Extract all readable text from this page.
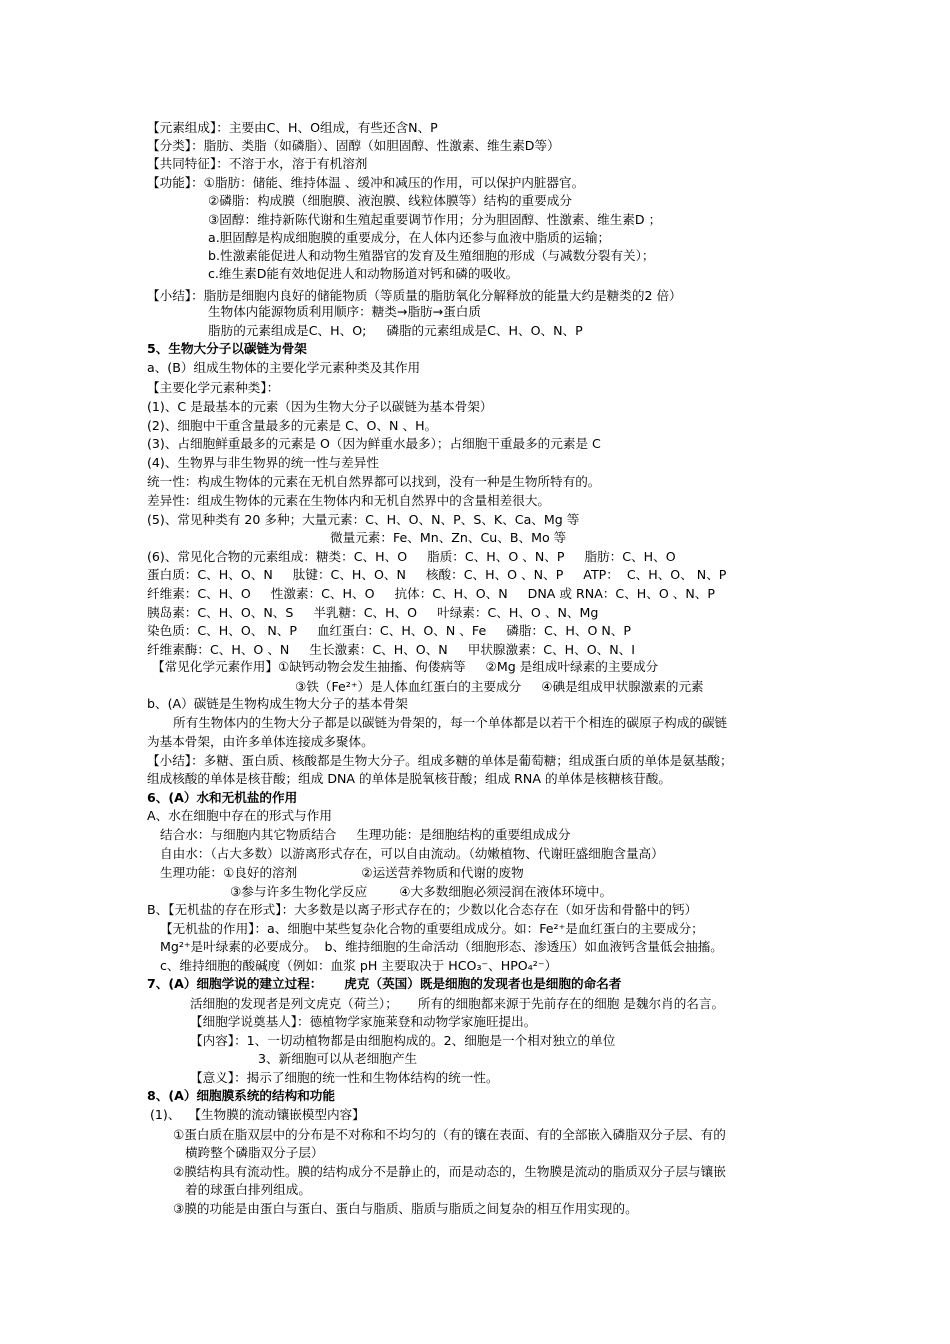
【元素组成】：主要由C、H、O组成，有些还含N、P
【分类】：脂肪、类脂（如磷脂）、固醇（如胆固醇、性激素、维生素D等）
【共同特征】：不溶于水，溶于有机溶剂
【功能】：①脂肪：储能、维持体温 、缓冲和减压的作用，可以保护内脏器官。
②磷脂：构成膜（细胞膜、液泡膜、线粒体膜等）结构的重要成分
③固醇：维持新陈代谢和生殖起重要调节作用；分为胆固醇、性激素、维生素D ；
a.胆固醇是构成细胞膜的重要成分，在人体内还参与血液中脂质的运输；
b.性激素能促进人和动物生殖器官的发育及生殖细胞的形成（与减数分裂有关）；
c.维生素D能有效地促进人和动物肠道对钙和磷的吸收。
【小结】：脂肪是细胞内良好的储能物质（等质量的脂肪氧化分解释放的能量大约是糖类的2 倍）
生物体内能源物质利用顺序：糖类→脂肪→蛋白质
脂肪的元素组成是C、H、O;     磷脂的元素组成是C、H、O、N、P
5、生物大分子以碳链为骨架
a、(B）组成生物体的主要化学元素种类及其作用
【主要化学元素种类】：
(1)、C 是最基本的元素（因为生物大分子以碳链为基本骨架）
(2)、细胞中干重含量最多的元素是 C、O、N 、H。
(3)、占细胞鲜重最多的元素是 O（因为鲜重水最多）；占细胞干重最多的元素是 C
(4)、生物界与非生物界的统一性与差异性
统一性：构成生物体的元素在无机自然界都可以找到，没有一种是生物所特有的。
差异性：组成生物体的元素在生物体内和无机自然界中的含量相差很大。
(5)、常见种类有 20 多种；大量元素：C、H、O、N、P、S、K、Ca、Mg 等
微量元素：Fe、Mn、Zn、Cu、B、Mo 等
(6)、常见化合物的元素组成：糖类：C、H、O     脂质：C、H、O 、N、P     脂肪：C、H、O
蛋白质：C、H、O、N     肽键：C、H、O、N     核酸：C、H、O 、N、P     ATP：  C、H、O、 N、P
纤维素：C、H、O     性激素：C、H、O     抗体：C、H、O、N     DNA 或 RNA：C、H、O 、N、P
胰岛素：C、H、O、N、S     半乳糖：C、H、O     叶绿素：C、H、O 、N、Mg
染色质：C、H、O、 N、P     血红蛋白：C、H、O、N 、Fe     磷脂：C、H、O N、P
纤维素酶：C、H、O 、N     生长激素：C、H、O、N     甲状腺激素：C、H、O、N、I
【常见化学元素作用】①缺钙动物会发生抽搐、佝偻病等     ②Mg 是组成叶绿素的主要成分
③铁（Fe²⁺）是人体血红蛋白的主要成分     ④碘是组成甲状腺激素的元素
b、(A）碳链是生物构成生物大分子的基本骨架
所有生物体内的生物大分子都是以碳链为骨架的，每一个单体都是以若干个相连的碳原子构成的碳链
为基本骨架，由许多单体连接成多聚体。
【小结】：多糖、蛋白质、核酸都是生物大分子。组成多糖的单体是葡萄糖；组成蛋白质的单体是氨基酸；
组成核酸的单体是核苷酸；组成 DNA 的单体是脱氧核苷酸；组成 RNA 的单体是核糖核苷酸。
6、(A）水和无机盐的作用
A、水在细胞中存在的形式与作用
结合水：与细胞内其它物质结合     生理功能：是细胞结构的重要组成成分
自由水：（占大多数）以游离形式存在，可以自由流动。（幼嫩植物、代谢旺盛细胞含量高）
生理功能：①良好的溶剂                ②运送营养物质和代谢的废物
③参与许多生物化学反应        ④大多数细胞必须浸润在液体环境中。
B、【无机盐的存在形式】：大多数是以离子形式存在的；少数以化合态存在（如牙齿和骨骼中的钙）
【无机盐的作用】：a、细胞中某些复杂化合物的重要组成成分。如：Fe²⁺是血红蛋白的主要成分；
Mg²⁺是叶绿素的必要成分。  b、维持细胞的生命活动（细胞形态、渗透压）如血液钙含量低会抽搐。
c、维持细胞的酸碱度（例如：血浆 pH 主要取决于 HCO₃⁻、HPO₄²⁻）
7、(A）细胞学说的建立过程：     虎克（英国）既是细胞的发现者也是细胞的命名者
活细胞的发现者是列文虎克（荷兰）；     所有的细胞都来源于先前存在的细胞 是魏尔肖的名言。
【细胞学说奠基人】：德植物学家施莱登和动物学家施旺提出。
【内容】：1、一切动植物都是由细胞构成的。2、细胞是一个相对独立的单位
3、新细胞可以从老细胞产生
【意义】：揭示了细胞的统一性和生物体结构的统一性。
8、(A）细胞膜系统的结构和功能
(1)、  【生物膜的流动镶嵌模型内容】
①蛋白质在脂双层中的分布是不对称和不均匀的（有的镶在表面、有的全部嵌入磷脂双分子层、有的
横跨整个磷脂双分子层）
②膜结构具有流动性。膜的结构成分不是静止的，而是动态的，生物膜是流动的脂质双分子层与镶嵌
着的球蛋白排列组成。
③膜的功能是由蛋白与蛋白、蛋白与脂质、脂质与脂质之间复杂的相互作用实现的。
